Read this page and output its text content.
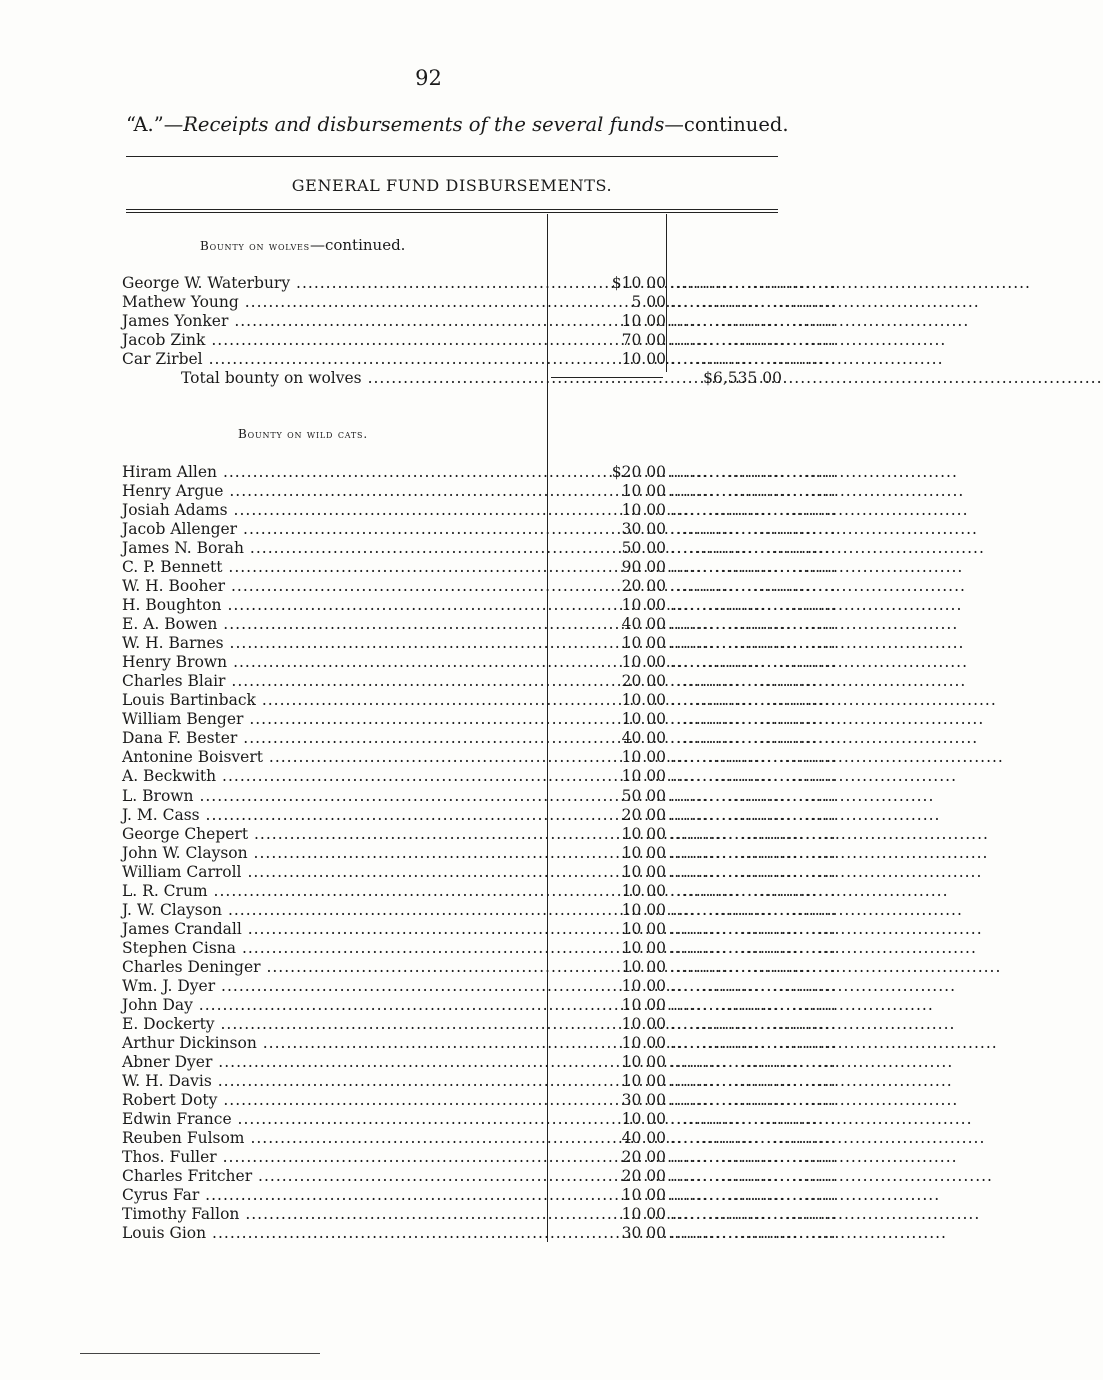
92
“A.”—Receipts and disbursements of the several funds—continued.
GENERAL FUND DISBURSEMENTS.
Bounty on wolves—continued.
George W. Waterbury .....	$10 00 ..........................
Mathew Young .....	5 00 ..........................
James Yonker .....	10 00 ..........................
Jacob Zink .....	70 00 ..........................
Car Zirbel .....	10 00 ..........................
Total bounty on wolves .....	$6,535 00
Bounty on wild cats.
Hiram Allen .....	$20 00 ..........................
Henry Argue .....	10 00 ..........................
Josiah Adams .....	10 00 ..........................
Jacob Allenger .....	30 00 ..........................
James N. Borah .....	50 00 ..........................
C. P. Bennett .....	90 00 ..........................
W. H. Booher .....	20 00 ..........................
H. Boughton .....	10 00 ..........................
E. A. Bowen .....	40 00 ..........................
W. H. Barnes .....	10 00 ..........................
Henry Brown .....	10 00 ..........................
Charles Blair .....	20 00 ..........................
Louis Bartinback .....	10 00 ..........................
William Benger .....	10 00 ..........................
Dana F. Bester .....	40 00 ..........................
Antonine Boisvert .....	10 00 ..........................
A. Beckwith .....	10 00 ..........................
L. Brown .....	50 00 ..........................
J. M. Cass .....	20 00 ..........................
George Chepert .....	10 00 ..........................
John W. Clayson .....	10 00 ..........................
William Carroll .....	10 00 ..........................
L. R. Crum .....	10 00 ..........................
J. W. Clayson .....	10 00 ..........................
James Crandall .....	10 00 ..........................
Stephen Cisna .....	10 00 ..........................
Charles Deninger .....	10 00 ..........................
Wm. J. Dyer .....	10 00 ..........................
John Day .....	10 00 ..........................
E. Dockerty .....	10 00 ..........................
Arthur Dickinson .....	10 00 ..........................
Abner Dyer .....	10 00 ..........................
W. H. Davis .....	10 00 ..........................
Robert Doty .....	30 00 ..........................
Edwin France .....	10 00 ..........................
Reuben Fulsom .....	40 00 ..........................
Thos. Fuller .....	20 00 ..........................
Charles Fritcher .....	20 00 ..........................
Cyrus Far .....	10 00 ..........................
Timothy Fallon .....	10 00 ..........................
Louis Gion .....	30 00 ..........................
